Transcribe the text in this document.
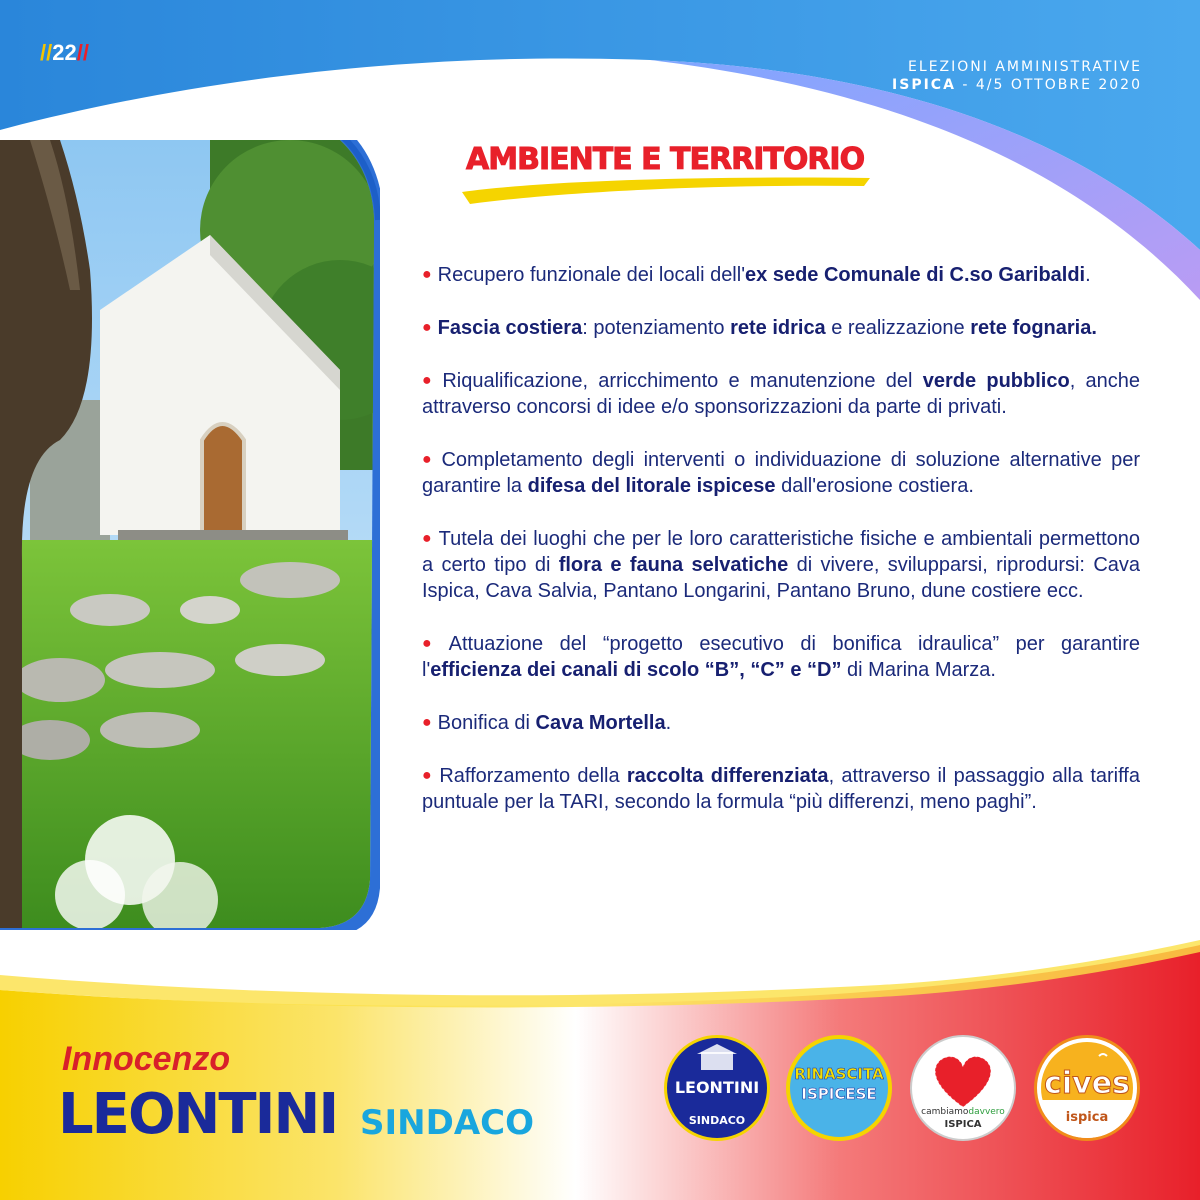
//22//
ELEZIONI AMMINISTRATIVE
ISPICA - 4/5 OTTOBRE 2020
AMBIENTE E TERRITORIO
● Recupero funzionale dei locali dell'ex sede Comunale di C.so Garibaldi.
● Fascia costiera: potenziamento rete idrica e realizzazione rete fognaria.
● Riqualificazione, arricchimento e manutenzione del verde pubblico, anche attraverso concorsi di idee e/o sponsorizzazioni da parte di privati.
● Completamento degli interventi o individuazione di soluzione alternative per garantire la difesa del litorale ispicese dall'erosione costiera.
● Tutela dei luoghi che per le loro caratteristiche fisiche e ambientali permettono a certo tipo di flora e fauna selvatiche di vivere, svilupparsi, riprodursi: Cava Ispica, Cava Salvia, Pantano Longarini, Pantano Bruno, dune costiere ecc.
● Attuazione del “progetto esecutivo di bonifica idraulica” per garantire l'efficienza dei canali di scolo “B”, “C” e “D” di Marina Marza.
● Bonifica di Cava Mortella.
● Rafforzamento della raccolta differenziata, attraverso il passaggio alla tariffa puntuale per la TARI, secondo la formula “più differenzi, meno paghi”.
Innocenzo
LEONTINI SINDACO
LEONTINI
SINDACO
RINASCITA
ISPICESE
cambiamodavvero
ISPICA
cives
ispica
